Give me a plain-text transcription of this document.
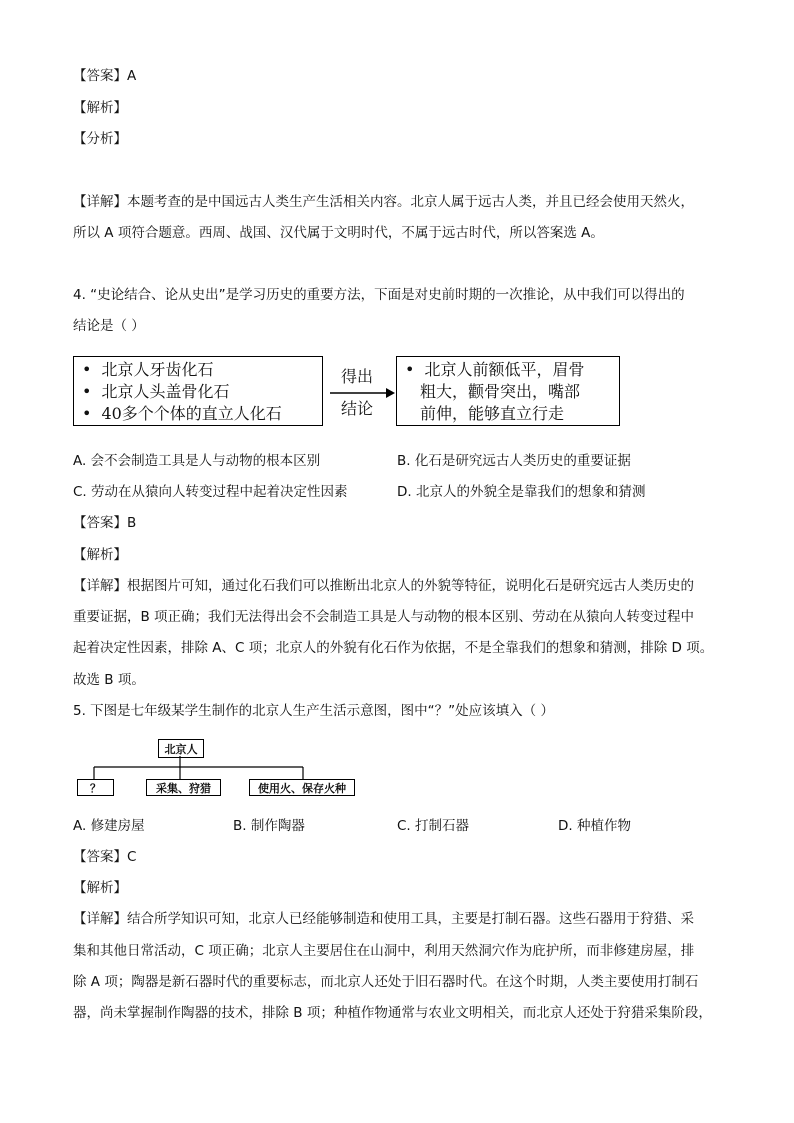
【答案】A
【解析】
【分析】
【详解】本题考查的是中国远古人类生产生活相关内容。北京人属于远古人类，并且已经会使用天然火，
所以 A 项符合题意。西周、战国、汉代属于文明时代，不属于远古时代，所以答案选 A。
4. “史论结合、论从史出”是学习历史的重要方法，下面是对史前时期的一次推论，从中我们可以得出的
结论是（ ）
• 北京人牙齿化石
• 北京人头盖骨化石
• 40多个个体的直立人化石
得出
结论
• 北京人前额低平，眉骨
粗大，颧骨突出，嘴部
前伸，能够直立行走
A. 会不会制造工具是人与动物的根本区别	B. 化石是研究远古人类历史的重要证据
C. 劳动在从猿向人转变过程中起着决定性因素	D. 北京人的外貌全是靠我们的想象和猜测
【答案】B
【解析】
【详解】根据图片可知，通过化石我们可以推断出北京人的外貌等特征，说明化石是研究远古人类历史的
重要证据，B 项正确；我们无法得出会不会制造工具是人与动物的根本区别、劳动在从猿向人转变过程中
起着决定性因素，排除 A、C 项；北京人的外貌有化石作为依据，不是全靠我们的想象和猜测，排除 D 项。
故选 B 项。
5. 下图是七年级某学生制作的北京人生产生活示意图，图中“？”处应该填入（ ）
北京人
？	采集、狩猎	使用火、保存火种
A. 修建房屋	B. 制作陶器	C. 打制石器	D. 种植作物
【答案】C
【解析】
【详解】结合所学知识可知，北京人已经能够制造和使用工具，主要是打制石器。这些石器用于狩猎、采
集和其他日常活动，C 项正确；北京人主要居住在山洞中，利用天然洞穴作为庇护所，而非修建房屋，排
除 A 项；陶器是新石器时代的重要标志，而北京人还处于旧石器时代。在这个时期，人类主要使用打制石
器，尚未掌握制作陶器的技术，排除 B 项；种植作物通常与农业文明相关，而北京人还处于狩猎采集阶段，
